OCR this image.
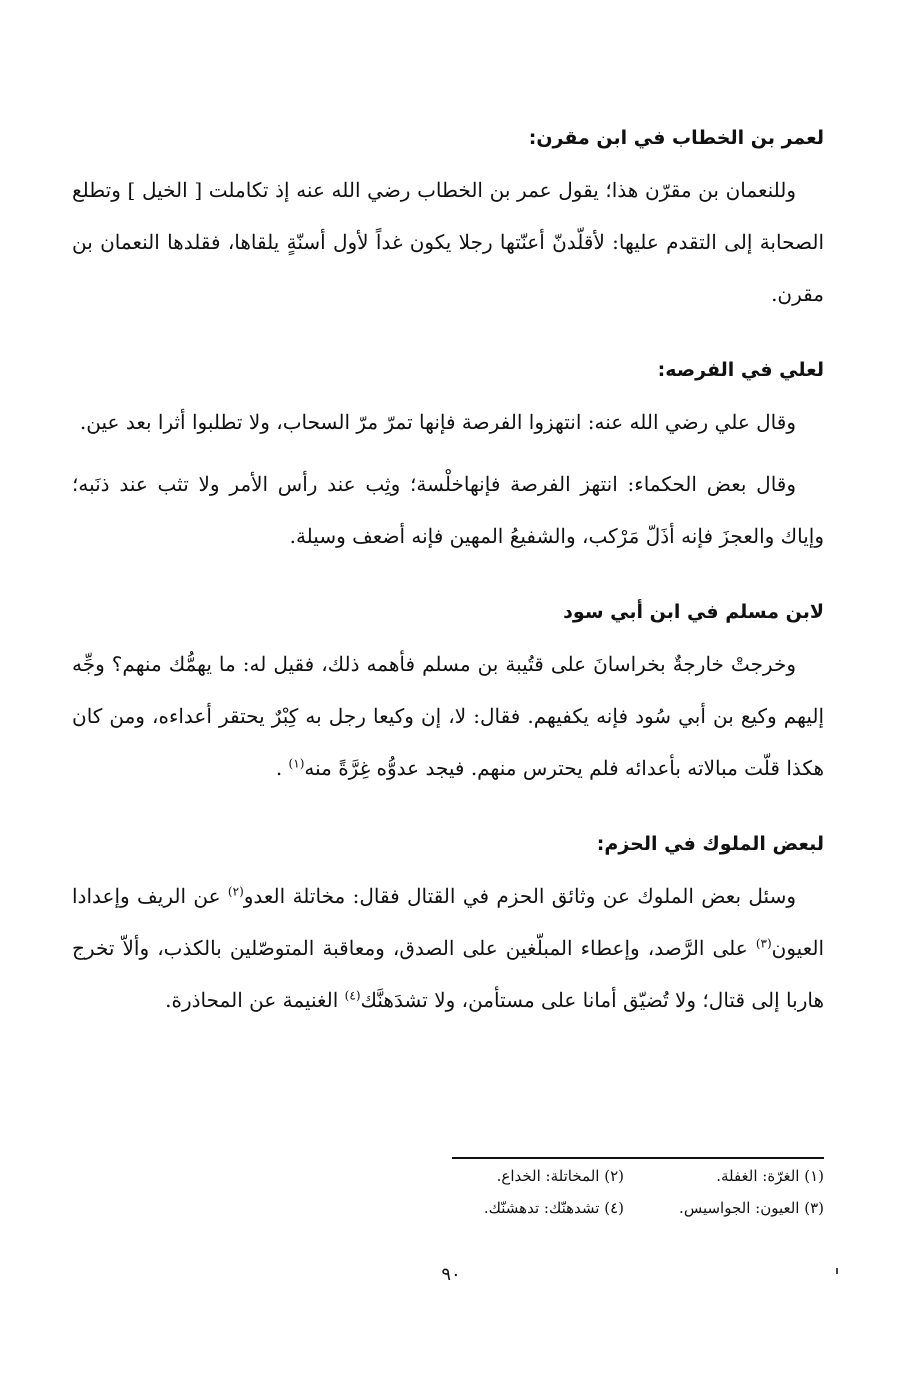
لعمر بن الخطاب في ابن مقرن:

وللنعمان بن مقرّن هذا؛ يقول عمر بن الخطاب رضي الله عنه إذ تكاملت [ الخيل ] وتطلع الصحابة إلى التقدم عليها: لأقلّدنّ أعنّتها رجلا يكون غداً لأول أسنّةٍ يلقاها، فقلدها النعمان بن مقرن.

لعلي في الفرصه:

وقال علي رضي الله عنه: انتهزوا الفرصة فإنها تمرّ مرّ السحاب، ولا تطلبوا أثرا بعد عين.

وقال بعض الحكماء: انتهز الفرصة فإنهاخلْسة؛ وثِب عند رأس الأمر ولا تثب عند ذنَبه؛ وإياك والعجزَ فإنه أذَلّ مَرْكب، والشفيعُ المهين فإنه أضعف وسيلة.

لابن مسلم في ابن أبي سود

وخرجتْ خارجةٌ بخراسانَ على قتُيبة بن مسلم فأهمه ذلك، فقيل له: ما يهمُّك منهم؟ وجِّه إليهم وكيع بن أبي سُود فإنه يكفيهم. فقال: لا، إن وكيعا رجل به كِبْرٌ يحتقر أعداءه، ومن كان هكذا قلّت مبالاته بأعدائه فلم يحترس منهم. فيجد عدوُّه غِرَّةً منه$^{(١)}$ .

لبعض الملوك في الحزم:

وسئل بعض الملوك عن وثائق الحزم في القتال فقال: مخاتلة العدو$^{(٢)}$ عن الريف وإعدادا العيون$^{(٣)}$ على الرَّصد، وإعطاء المبلّغين على الصدق، ومعاقبة المتوصّلين بالكذب، وألاّ تخرج هاربا إلى قتال؛ ولا تُضيّق أمانا على مستأمن، ولا تشدَهنَّك$^{(٤)}$ الغنيمة عن المحاذرة.

(١) الغرّة: الغفلة.
(٢) المخاتلة: الخداع.
(٣) العيون: الجواسيس.
(٤) تشدهنّك: تدهشنّك.
٩٠
